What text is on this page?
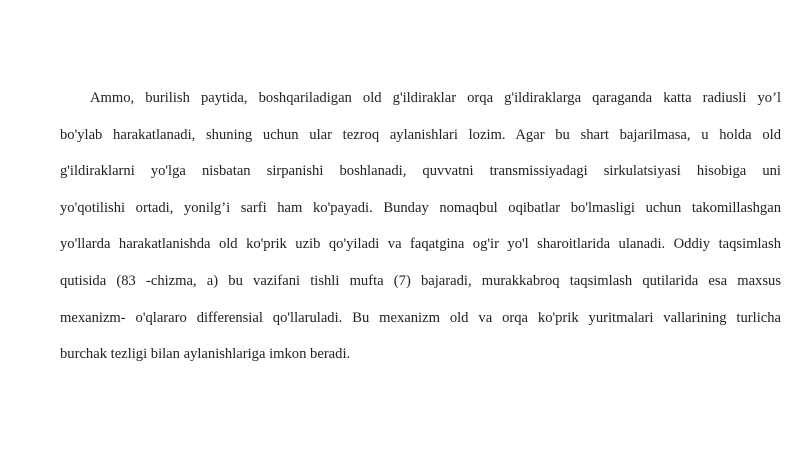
Ammo, burilish paytida, boshqariladigan old g'ildiraklar orqa g'ildiraklarga qaraganda katta radiusli yo’l
bo'ylab harakatlanadi, shuning uchun ular tezroq aylanishlari lozim. Agar bu shart bajarilmasa, u holda old
g'ildiraklarni yo'lga nisbatan sirpanishi boshlanadi, quvvatni transmissiyadagi sirkulatsiyasi hisobiga uni
yo'qotilishi ortadi, yonilg’i sarfi ham ko'payadi. Bunday nomaqbul oqibatlar bo'lmasligi uchun takomillashgan
yo'llarda harakatlanishda old ko'prik uzib qo'yiladi va faqatgina og'ir yo'l sharoitlarida ulanadi. Oddiy taqsimlash
qutisida (83 -chizma, a) bu vazifani tishli mufta (7) bajaradi, murakkabroq taqsimlash qutilarida esa maxsus
mexanizm- o'qlararo differensial qo'llaruladi. Bu mexanizm old va orqa ko'prik yuritmalari vallarining turlicha
burchak tezligi bilan aylanishlariga imkon beradi.
